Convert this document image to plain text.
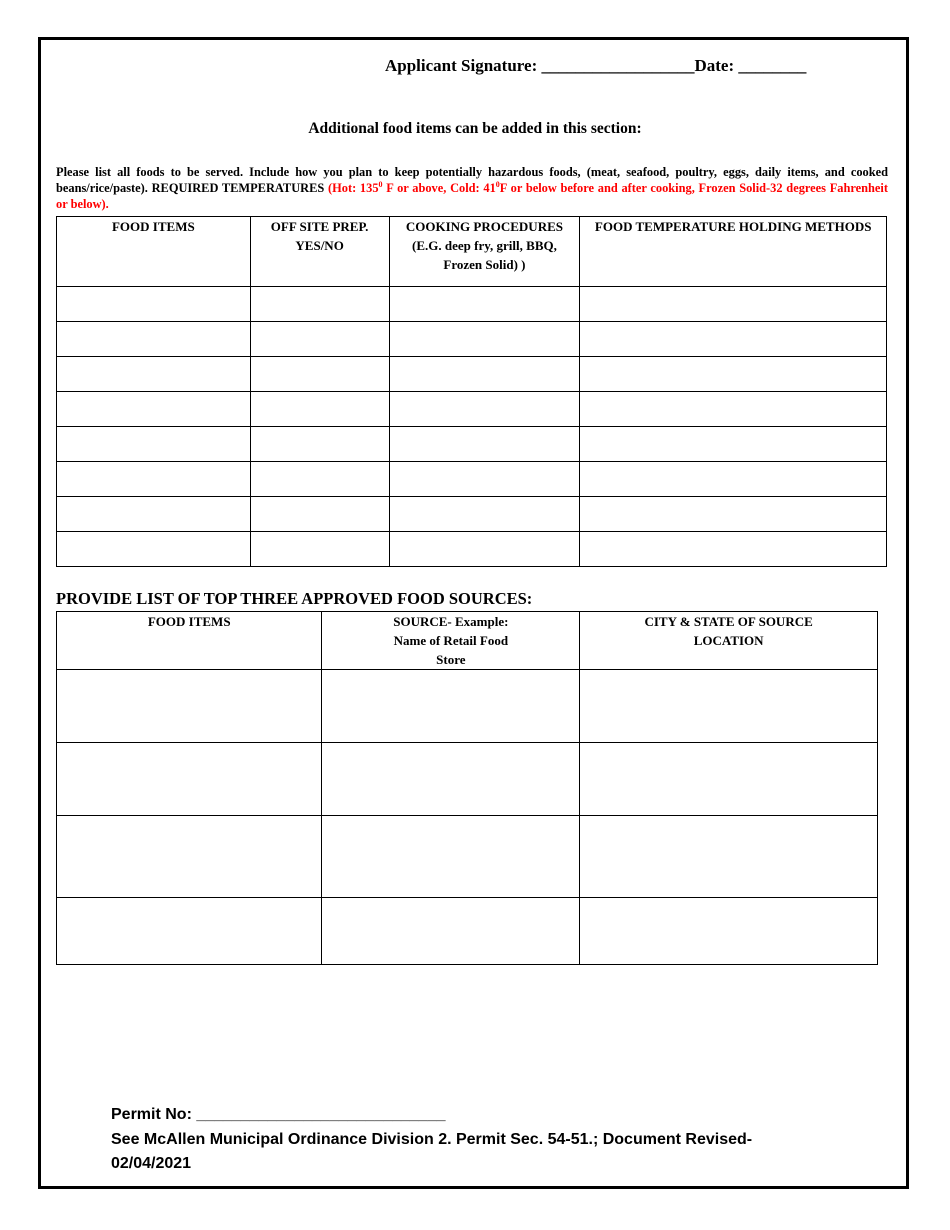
Applicant Signature: __________________Date: ________
Additional food items can be added in this section:
Please list all foods to be served. Include how you plan to keep potentially hazardous foods, (meat, seafood, poultry, eggs, daily items, and cooked beans/rice/paste). REQUIRED TEMPERATURES (Hot: $135^0$ F or above, Cold: $41^0F$ or below before and after cooking, Frozen Solid-32 degrees Fahrenheit or below).
FOOD ITEMS	OFF SITE PREP. YES/NO	COOKING PROCEDURES (E.G. deep fry, grill, BBQ, Frozen Solid) )	FOOD TEMPERATURE HOLDING METHODS

PROVIDE LIST OF TOP THREE APPROVED FOOD SOURCES:
FOOD ITEMS	SOURCE- Example: Name of Retail Food Store	CITY & STATE OF SOURCE LOCATION

Permit No: ____________________________
See McAllen Municipal Ordinance Division 2. Permit Sec. 54-51.; Document Revised- 02/04/2021
